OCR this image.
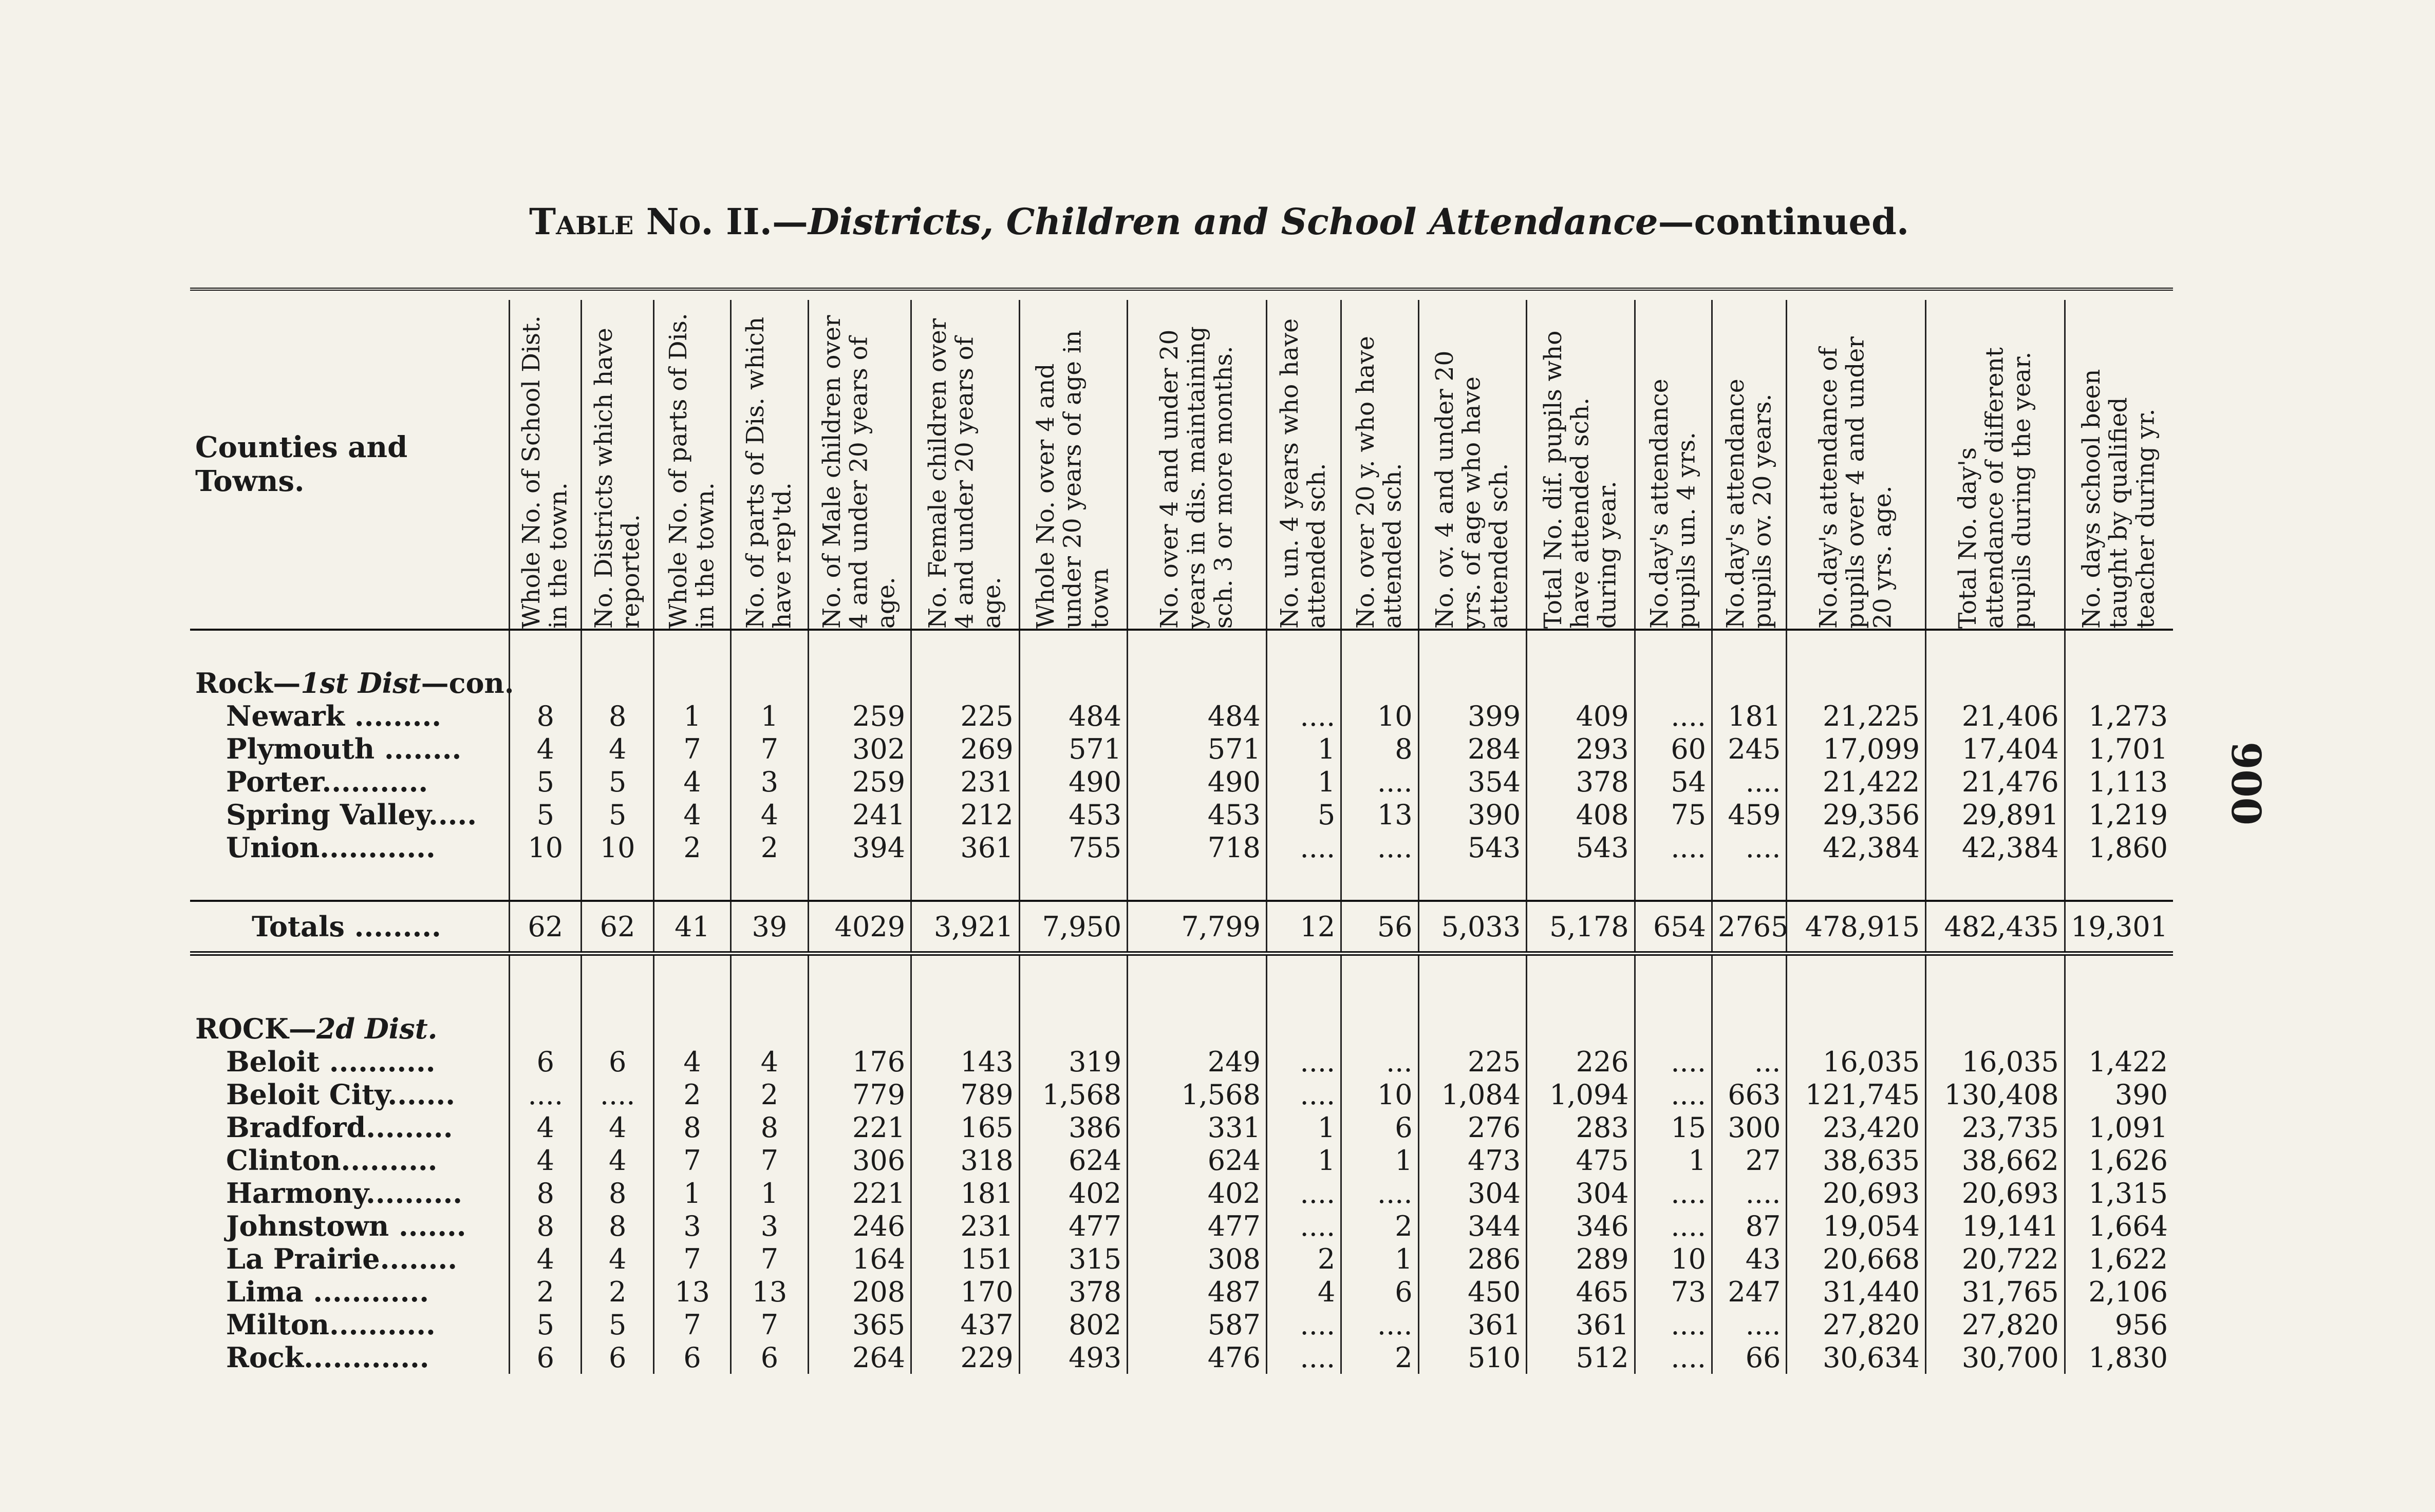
Table No. II.—Districts, Children and School Attendance—continued.
900

Counties and Towns.	Whole No. of School Dist. in the town.	No. Districts which have reported.	Whole No. of parts of Dis. in the town.	No. of parts of Dis. which have rep'td.	No. of Male children over 4 and under 20 years of age.	No. Female children over 4 and under 20 years of age.	Whole No. over 4 and under 20 years of age in town	No. over 4 and under 20 years in dis. maintaining sch. 3 or more months.	No. un. 4 years who have attended sch.	No. over 20 y. who have attended sch.	No. ov. 4 and under 20 yrs. of age who have attended sch.	Total No. dif. pupils who have attended sch. during year.	No.day's attendance pupils un. 4 yrs.	No.day's attendance pupils ov. 20 years.	No.day's attendance of pupils over 4 and under 20 yrs. age.	Total No. day's attendance of different pupils during the year.	No. days school been taught by qualified teacher during yr.

Rock—1st Dist—con.																	
Newark .........	8	8	1	1	259	225	484	484	....	10	399	409	....	181	21,225	21,406	1,273
Plymouth ........	4	4	7	7	302	269	571	571	1	8	284	293	60	245	17,099	17,404	1,701
Porter...........	5	5	4	3	259	231	490	490	1	....	354	378	54	....	21,422	21,476	1,113
Spring Valley.....	5	5	4	4	241	212	453	453	5	13	390	408	75	459	29,356	29,891	1,219
Union............	10	10	2	2	394	361	755	718	....	....	543	543	....	....	42,384	42,384	1,860

Totals .........	62	62	41	39	4029	3,921	7,950	7,799	12	56	5,033	5,178	654	2765	478,915	482,435	19,301

ROCK—2d Dist.																	
Beloit ...........	6	6	4	4	176	143	319	249	....	...	225	226	....	...	16,035	16,035	1,422
Beloit City.......	....	....	2	2	779	789	1,568	1,568	....	10	1,084	1,094	....	663	121,745	130,408	390
Bradford.........	4	4	8	8	221	165	386	331	1	6	276	283	15	300	23,420	23,735	1,091
Clinton..........	4	4	7	7	306	318	624	624	1	1	473	475	1	27	38,635	38,662	1,626
Harmony..........	8	8	1	1	221	181	402	402	....	....	304	304	....	....	20,693	20,693	1,315
Johnstown .......	8	8	3	3	246	231	477	477	....	2	344	346	....	87	19,054	19,141	1,664
La Prairie........	4	4	7	7	164	151	315	308	2	1	286	289	10	43	20,668	20,722	1,622
Lima ............	2	2	13	13	208	170	378	487	4	6	450	465	73	247	31,440	31,765	2,106
Milton...........	5	5	7	7	365	437	802	587	....	....	361	361	....	....	27,820	27,820	956
Rock.............	6	6	6	6	264	229	493	476	....	2	510	512	....	66	30,634	30,700	1,830
